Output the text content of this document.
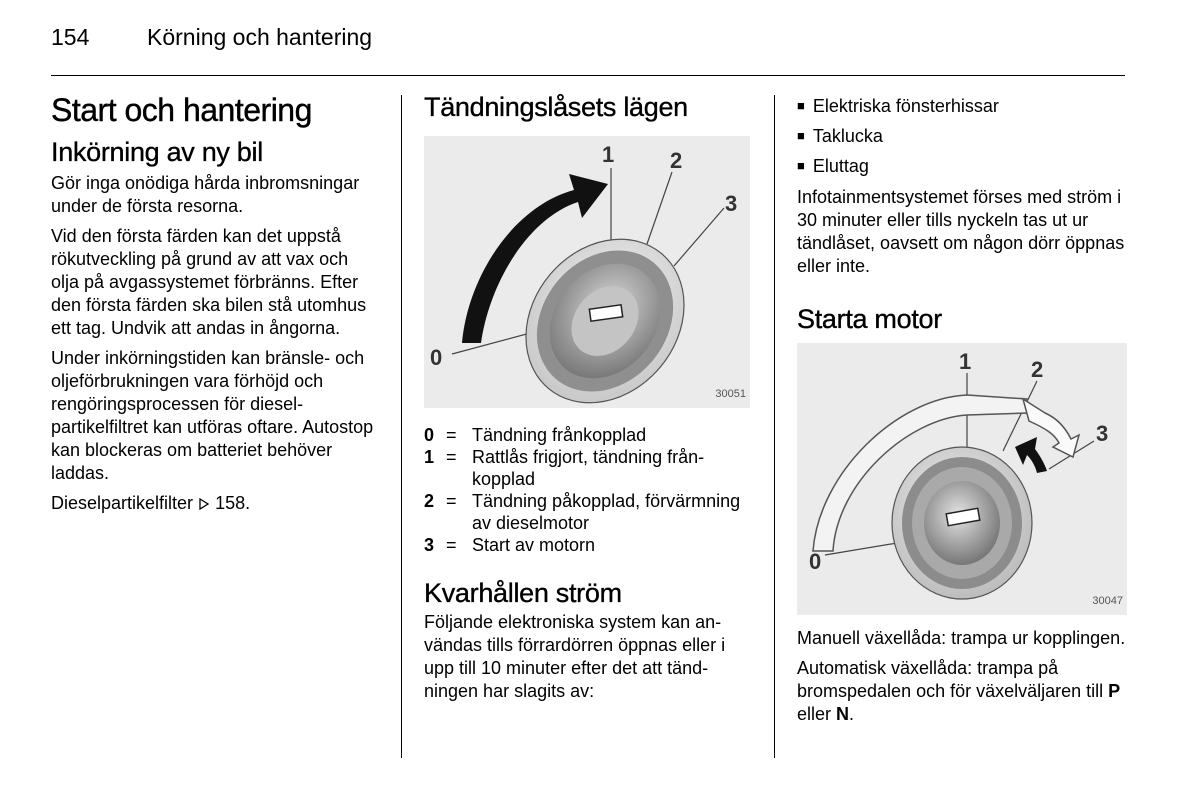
154	Körning och hantering
Start och hantering
Inkörning av ny bil

Gör inga onödiga hårda inbromsningar under de första resorna.

Vid den första färden kan det uppstå rökutveckling på grund av att vax och olja på avgassystemet förbränns. Efter den första färden ska bilen stå utomhus ett tag. Undvik att andas in ångorna.

Under inkörningstiden kan bränsle- och oljeförbrukningen vara förhöjd och rengöringsprocessen för dieselpartikelfiltret kan utföras oftare. Autostop kan blockeras om batteriet behöver laddas.

Dieselpartikelfilter  158.

Tändningslåsets lägen
0
1	2
3
30051
0 = Tändning frånkopplad
1 = Rattlås frigjort, tändning frånkopplad
2 = Tändning påkopplad, förvärmning av dieselmotor
3 = Start av motorn
Kvarhållen ström

Följande elektroniska system kan användas tills förrardörren öppnas eller i upp till 10 minuter efter det att tändningen har slagits av:

■ Elektriska fönsterhissar
■ Taklucka
■ Eluttag

Infotainmentsystemet förses med ström i 30 minuter eller tills nyckeln tas ut ur tändlåset, oavsett om någon dörr öppnas eller inte.

Starta motor
0
1	2
3
30047

Manuell växellåda: trampa ur kopplingen.

Automatisk växellåda: trampa på bromspedalen och för växelväljaren till P eller N.
